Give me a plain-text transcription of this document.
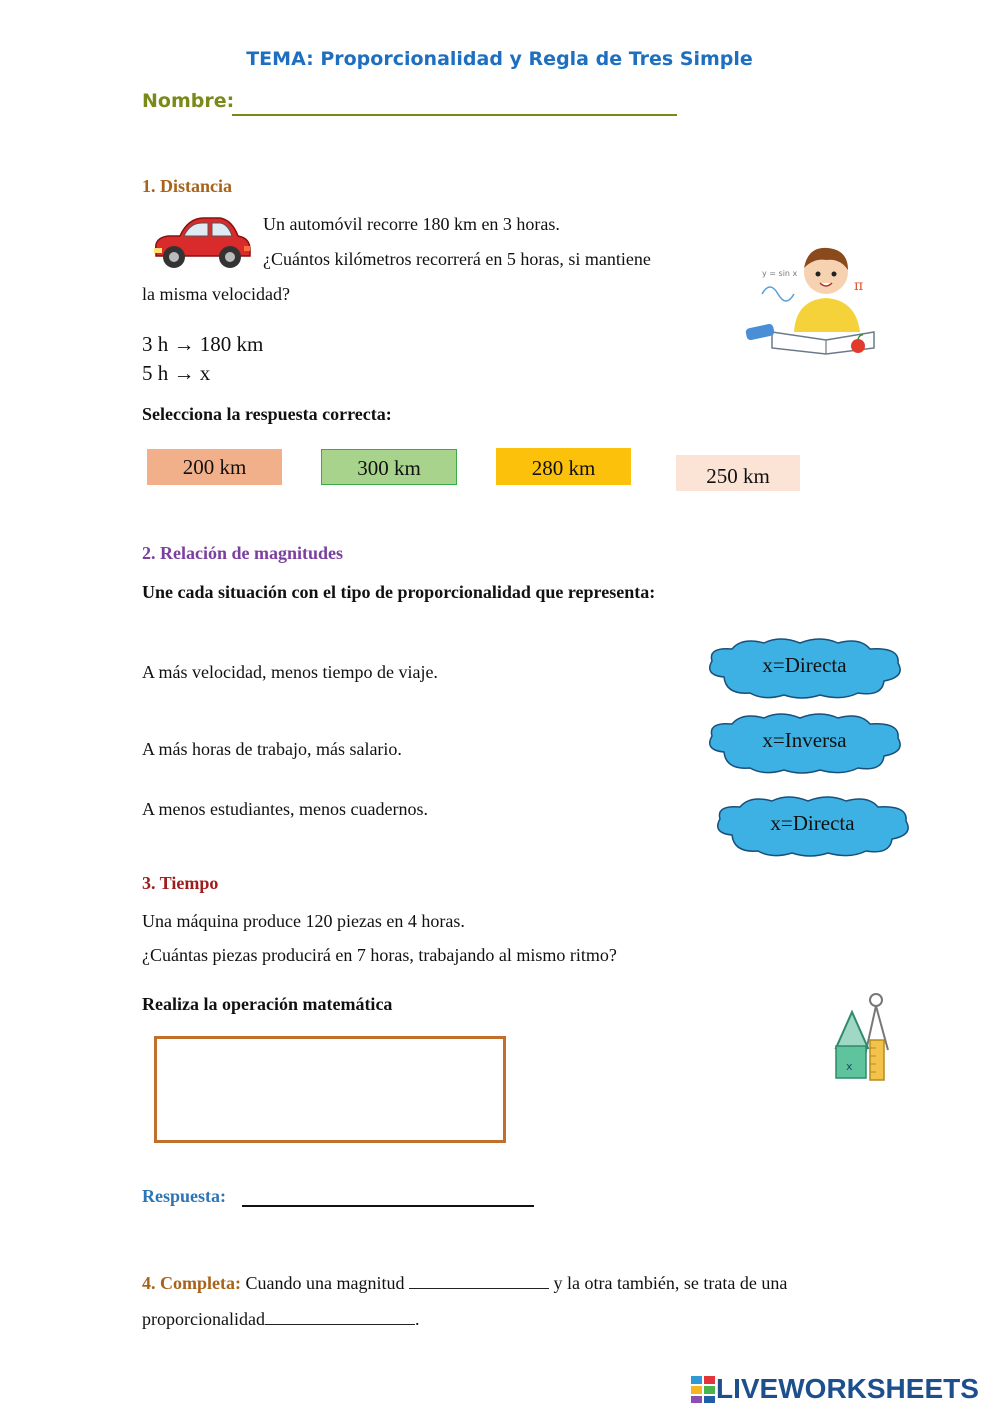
TEMA: Proporcionalidad y Regla de Tres Simple
Nombre:
1. Distancia
Un automóvil recorre 180 km en 3 horas.
¿Cuántos kilómetros recorrerá en 5 horas, si mantiene
la misma velocidad?
y = sin x
π
3 h → 180 km
5 h → x
Selecciona la respuesta correcta:
200 km	300 km	280 km	250 km
2. Relación de magnitudes
Une cada situación con el tipo de proporcionalidad que representa:
A más velocidad, menos tiempo de viaje.
A más horas de trabajo, más salario.
A menos estudiantes, menos cuadernos.
x=Directa
x=Inversa
x=Directa
3. Tiempo
Una máquina produce 120 piezas en 4 horas.
¿Cuántas piezas producirá en 7 horas, trabajando al mismo ritmo?
Realiza la operación matemática
x
Respuesta:
4. Completa: Cuando una magnitud	y la otra también, se trata de una
proporcionalidad	.
LIVEWORKSHEETS
